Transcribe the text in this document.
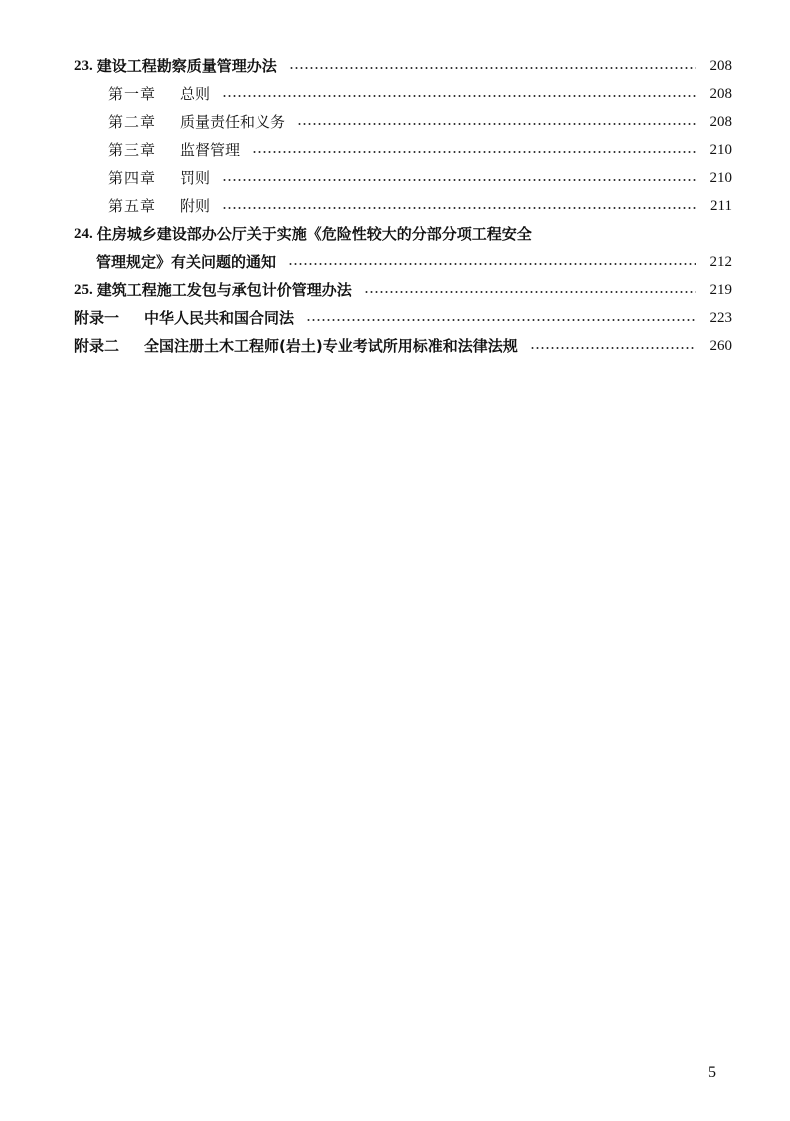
23. 建设工程勘察质量管理办法	208
第一章	总则	208
第二章	质量责任和义务	208
第三章	监督管理	210
第四章	罚则	210
第五章	附则	211
24. 住房城乡建设部办公厅关于实施《危险性较大的分部分项工程安全
管理规定》有关问题的通知	212
25. 建筑工程施工发包与承包计价管理办法	219
附录一	中华人民共和国合同法	223
附录二	全国注册土木工程师(岩土)专业考试所用标准和法律法规	260
5
